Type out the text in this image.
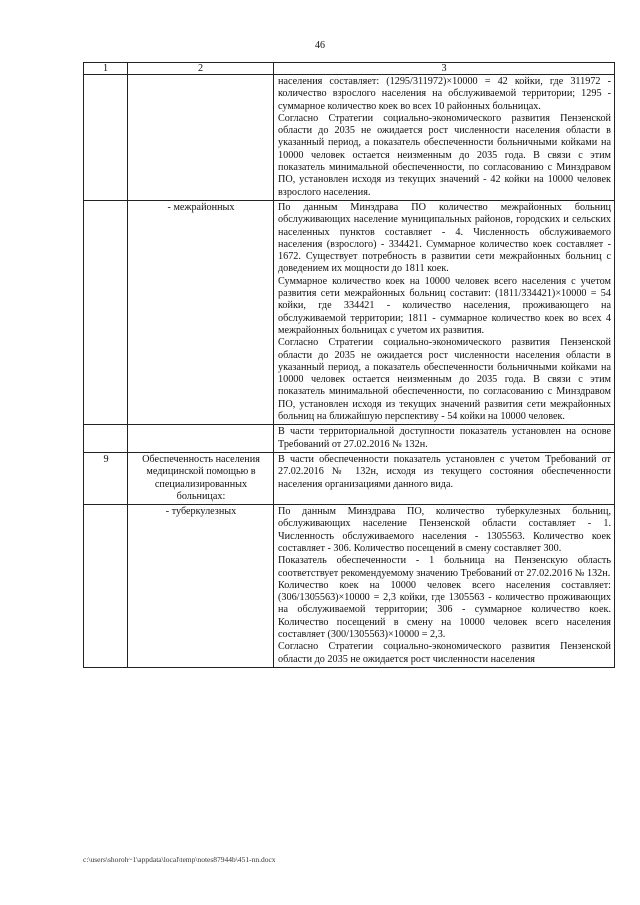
46
1	2	3

		населения составляет: (1295/311972)×10000 = 42 койки, где 311972 - количество взрослого населения на обслуживаемой территории; 1295 - суммарное количество коек во всех 10 районных больницах.

Согласно Стратегии социально-экономического развития Пензенской области до 2035 не ожидается рост численности населения области в указанный период, а показатель обеспеченности больничными койками на 10000 человек остается неизменным до 2035 года. В связи с этим показатель минимальной обеспеченности, по согласованию с Минздравом ПО, установлен исходя из текущих значений - 42 койки на 10000 человек взрослого населения.

	- межрайонных	По данным Минздрава ПО количество межрайонных больниц обслуживающих население муниципальных районов, городских и сельских населенных пунктов составляет - 4. Численность обслуживаемого населения (взрослого) - 334421. Суммарное количество коек составляет - 1672. Существует потребность в развитии сети межрайонных больниц с доведением их мощности до 1811 коек.

Суммарное количество коек на 10000 человек всего населения с учетом развития сети межрайонных больниц составит: (1811/334421)×10000 = 54 койки, где 334421 - количество населения, проживающего на обслуживаемой территории; 1811 - суммарное количество коек во всех 4 межрайонных больницах с учетом их развития.

Согласно Стратегии социально-экономического развития Пензенской области до 2035 не ожидается рост численности населения области в указанный период, а показатель обеспеченности больничными койками на 10000 человек остается неизменным до 2035 года. В связи с этим показатель минимальной обеспеченности, по согласованию с Минздравом ПО, установлен исходя из текущих значений развития сети межрайонных больниц на ближайшую перспективу - 54 койки на 10000 человек.

		В части территориальной доступности показатель установлен на основе Требований от 27.02.2016 № 132н.

9	Обеспеченность населения медицинской помощью в специализированных больницах:	В части обеспеченности показатель установлен с учетом Требований от 27.02.2016 № 132н, исходя из текущего состояния обеспеченности населения организациями данного вида.

	- туберкулезных	По данным Минздрава ПО, количество туберкулезных больниц, обслуживающих население Пензенской области составляет - 1. Численность обслуживаемого населения - 1305563. Количество коек составляет - 306. Количество посещений в смену составляет 300.

Показатель обеспеченности - 1 больница на Пензенскую область соответствует рекомендуемому значению Требований от 27.02.2016 № 132н.

Количество коек на 10000 человек всего населения составляет: (306/1305563)×10000 = 2,3 койки, где 1305563 - количество проживающих на обслуживаемой территории; 306 - суммарное количество коек. Количество посещений в смену на 10000 человек всего населения составляет (300/1305563)×10000 = 2,3.

Согласно Стратегии социально-экономического развития Пензенской области до 2035 не ожидается рост численности населения

c:\users\shoroh~1\appdata\local\temp\notes87944b\451-nn.docx
